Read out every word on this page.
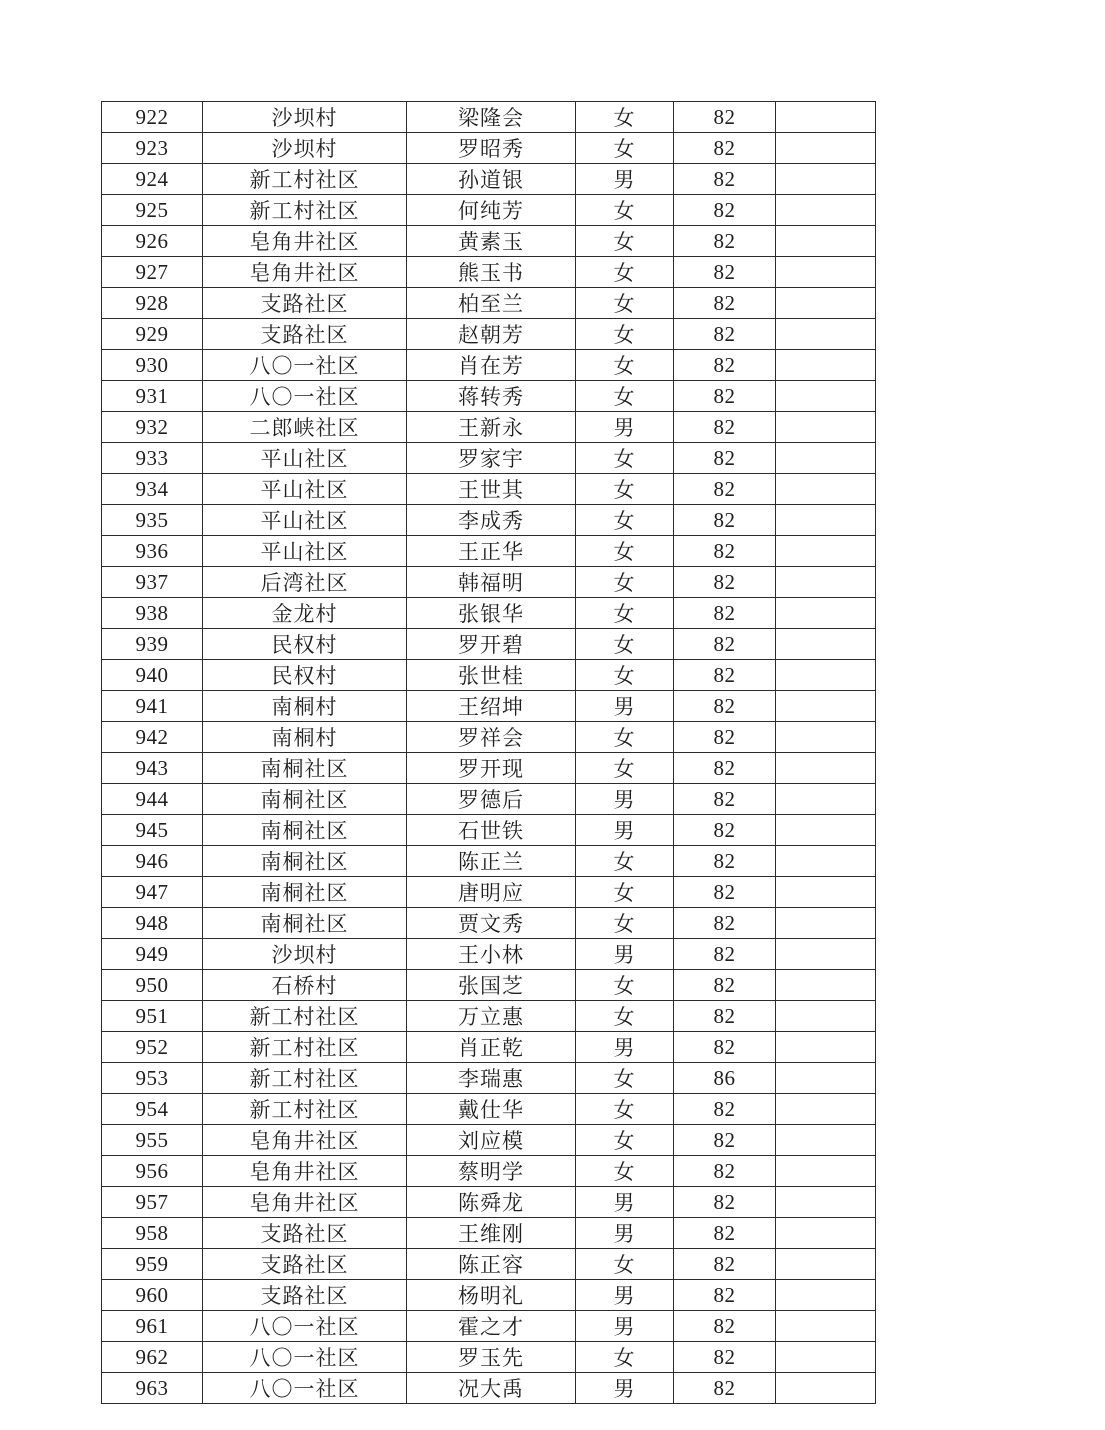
922	沙坝村	梁隆会	女	82	
923	沙坝村	罗昭秀	女	82	
924	新工村社区	孙道银	男	82	
925	新工村社区	何纯芳	女	82	
926	皂角井社区	黄素玉	女	82	
927	皂角井社区	熊玉书	女	82	
928	支路社区	柏至兰	女	82	
929	支路社区	赵朝芳	女	82	
930	八〇一社区	肖在芳	女	82	
931	八〇一社区	蒋转秀	女	82	
932	二郎峡社区	王新永	男	82	
933	平山社区	罗家宇	女	82	
934	平山社区	王世其	女	82	
935	平山社区	李成秀	女	82	
936	平山社区	王正华	女	82	
937	后湾社区	韩福明	女	82	
938	金龙村	张银华	女	82	
939	民权村	罗开碧	女	82	
940	民权村	张世桂	女	82	
941	南桐村	王绍坤	男	82	
942	南桐村	罗祥会	女	82	
943	南桐社区	罗开现	女	82	
944	南桐社区	罗德后	男	82	
945	南桐社区	石世铁	男	82	
946	南桐社区	陈正兰	女	82	
947	南桐社区	唐明应	女	82	
948	南桐社区	贾文秀	女	82	
949	沙坝村	王小林	男	82	
950	石桥村	张国芝	女	82	
951	新工村社区	万立惠	女	82	
952	新工村社区	肖正乾	男	82	
953	新工村社区	李瑞惠	女	86	
954	新工村社区	戴仕华	女	82	
955	皂角井社区	刘应模	女	82	
956	皂角井社区	蔡明学	女	82	
957	皂角井社区	陈舜龙	男	82	
958	支路社区	王维刚	男	82	
959	支路社区	陈正容	女	82	
960	支路社区	杨明礼	男	82	
961	八〇一社区	霍之才	男	82	
962	八〇一社区	罗玉先	女	82	
963	八〇一社区	况大禹	男	82	
